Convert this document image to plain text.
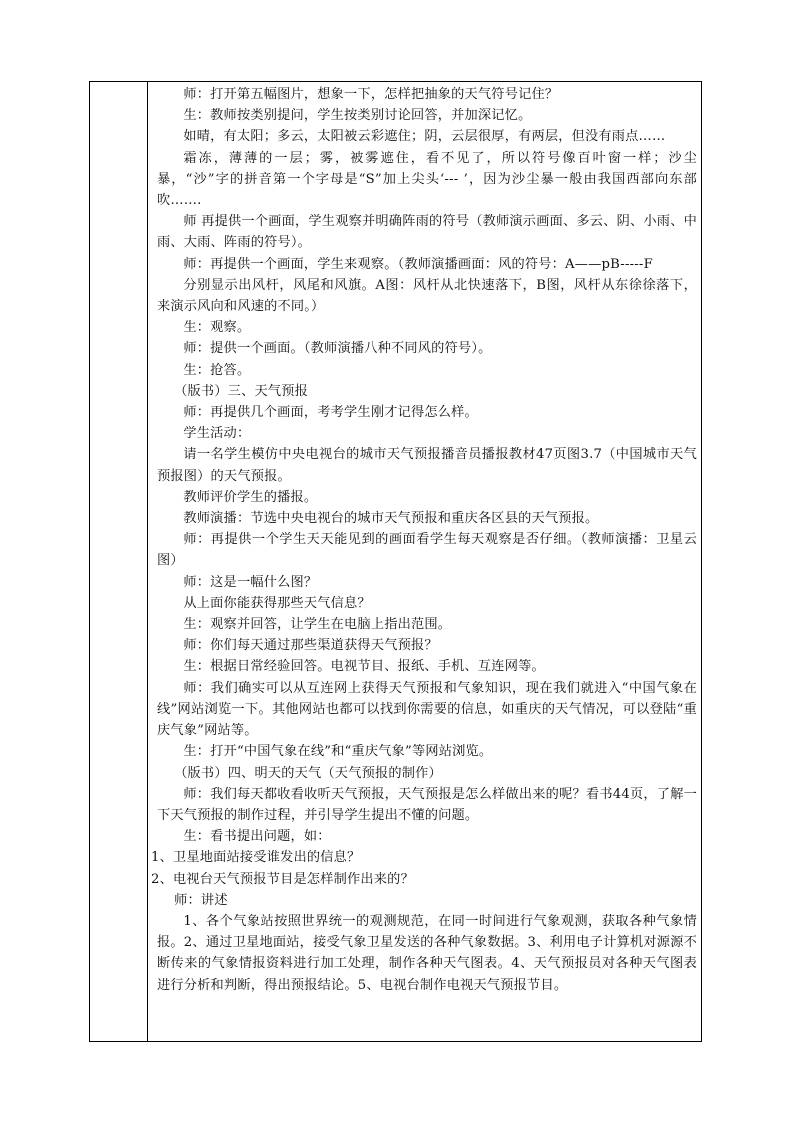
师：打开第五幅图片，想象一下，怎样把抽象的天气符号记住？

生：教师按类别提问，学生按类别讨论回答，并加深记忆。

如晴，有太阳；多云，太阳被云彩遮住；阴，云层很厚，有两层，但没有雨点……

霜冻，薄薄的一层；雾，被雾遮住，看不见了，所以符号像百叶窗一样；沙尘暴，“沙”字的拼音第一个字母是“S”加上尖头‘--- ’，因为沙尘暴一般由我国西部向东部吹…….

师 再提供一个画面，学生观察并明确阵雨的符号（教师演示画面、多云、阴、小雨、中雨、大雨、阵雨的符号）。

师：再提供一个画面，学生来观察。（教师演播画面：风的符号：A——pB-----F

分别显示出风杆，风尾和风旗。A图：风杆从北快速落下，B图，风杆从东徐徐落下，来演示风向和风速的不同。）

生：观察。

师：提供一个画面。（教师演播八种不同风的符号）。

生：抢答。

（版书）三、天气预报

师：再提供几个画面，考考学生刚才记得怎么样。

学生活动：

请一名学生模仿中央电视台的城市天气预报播音员播报教材47页图3.7（中国城市天气预报图）的天气预报。

教师评价学生的播报。

教师演播：节选中央电视台的城市天气预报和重庆各区县的天气预报。

师：再提供一个学生天天能见到的画面看学生每天观察是否仔细。（教师演播：卫星云图）

师：这是一幅什么图？

从上面你能获得那些天气信息？

生：观察并回答，让学生在电脑上指出范围。

师：你们每天通过那些渠道获得天气预报？

生：根据日常经验回答。电视节目、报纸、手机、互连网等。

师：我们确实可以从互连网上获得天气预报和气象知识，现在我们就进入“中国气象在线”网站浏览一下。其他网站也都可以找到你需要的信息，如重庆的天气情况，可以登陆“重庆气象”网站等。

生：打开“中国气象在线”和“重庆气象”等网站浏览。

（版书）四、明天的天气（天气预报的制作）

师：我们每天都收看收听天气预报，天气预报是怎么样做出来的呢？看书44页，了解一下天气预报的制作过程，并引导学生提出不懂的问题。

生：看书提出问题，如：

1、卫星地面站接受谁发出的信息？

2、电视台天气预报节目是怎样制作出来的？

师：讲述

1、各个气象站按照世界统一的观测规范，在同一时间进行气象观测，获取各种气象情报。2、通过卫星地面站，接受气象卫星发送的各种气象数据。3、利用电子计算机对源源不断传来的气象情报资料进行加工处理，制作各种天气图表。4、天气预报员对各种天气图表进行分析和判断，得出预报结论。5、电视台制作电视天气预报节目。
